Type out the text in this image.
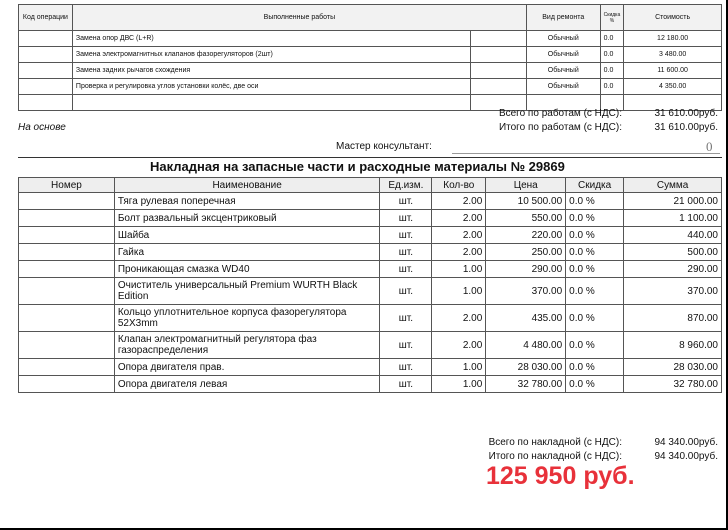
Код операции	Выполненные работы		Вид ремонта	Скидка %	Стоимость
	Замена опор ДВС (L+R)		Обычный	0.0	12 180.00
	Замена электромагнитных клапанов фазорегуляторов (2шт)		Обычный	0.0	3 480.00
	Замена задних рычагов схождения		Обычный	0.0	11 600.00
	Проверка и регулировка углов установки колёс, две оси		Обычный	0.0	4 350.00

Всего по работам (с НДС):	31 610.00руб.
Итого по работам (с НДС):	31 610.00руб.
На основе
Мастер консультант:	0
Накладная на запасные части и расходные материалы № 29869
Номер	Наименование	Ед.изм.	Кол-во	Цена	Скидка	Сумма
	Тяга рулевая поперечная	шт.	2.00	10 500.00	0.0 %	21 000.00
	Болт развальный эксцентриковый	шт.	2.00	550.00	0.0 %	1 100.00
	Шайба	шт.	2.00	220.00	0.0 %	440.00
	Гайка	шт.	2.00	250.00	0.0 %	500.00
	Проникающая смазка WD40	шт.	1.00	290.00	0.0 %	290.00
	Очиститель универсальный Premium WURTH Black Edition	шт.	1.00	370.00	0.0 %	370.00
	Кольцо уплотнительное корпуса фазорегулятора 52X3mm	шт.	2.00	435.00	0.0 %	870.00
	Клапан электромагнитный регулятора фаз газораспределения	шт.	2.00	4 480.00	0.0 %	8 960.00
	Опора двигателя прав.	шт.	1.00	28 030.00	0.0 %	28 030.00
	Опора двигателя левая	шт.	1.00	32 780.00	0.0 %	32 780.00
Всего по накладной (с НДС):	94 340.00руб.
Итого по накладной (с НДС):	94 340.00руб.
125 950 руб.
